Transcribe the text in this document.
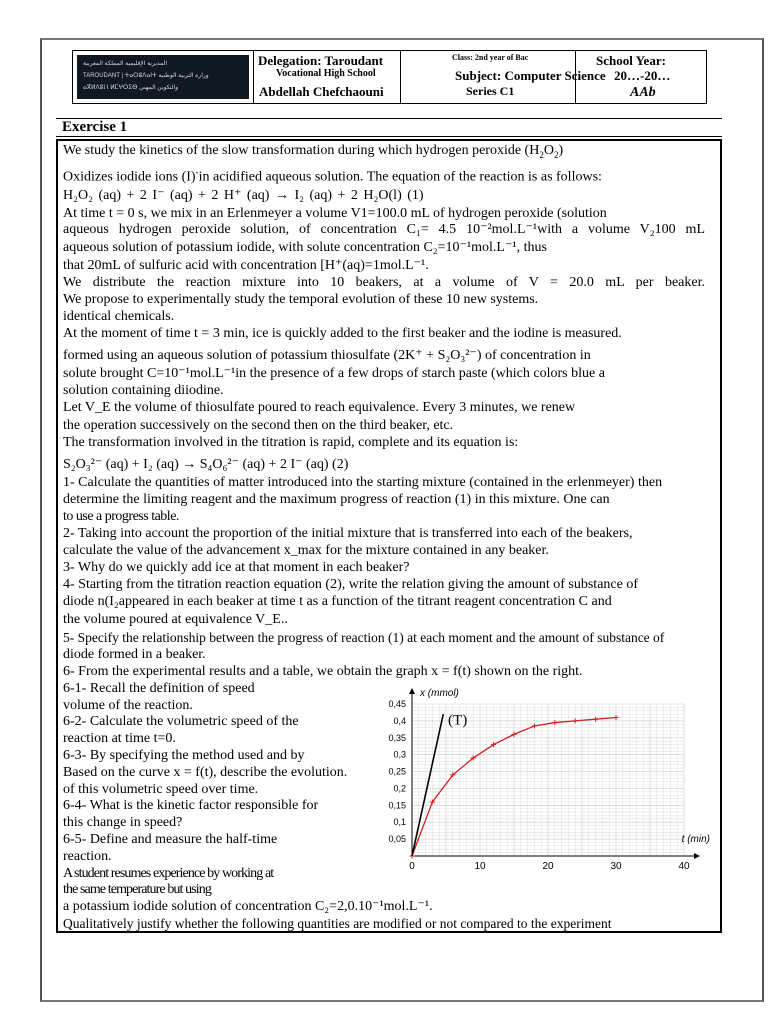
المديرية الإقليمية المملكة المغربية
TAROUDANT | ⵜⴰⵔⵓⴷⴰⵏⵜ وزارة التربية الوطنية
ⴰⴳⵍⴷⵓⵏ ⵏ ⵍⵎⵖⵔⵉⴱ والتكوين المهني
Delegation: Taroudant
Vocational High School
Abdellah Chefchaouni
Class: 2nd year of Bac
Subject: Computer Science
Series C1
School Year:
20…-20…
AAb
Exercise 1
We study the kinetics of the slow transformation during which hydrogen peroxide $(H_2O_2)$
Oxidizes iodide ions (I)-in acidified aqueous solution. The equation of the reaction is as follows:
H₂O₂ (aq) + 2 I⁻ (aq) + 2 H⁺ (aq) → I₂ (aq) + 2 H₂O(l) (1)
At time t = 0 s, we mix in an Erlenmeyer a volume V1=100.0 mL of hydrogen peroxide (solution
aqueous hydrogen peroxide solution, of concentration C₁= 4.5 10⁻²mol.L⁻¹with a volume V₂100 mL
aqueous solution of potassium iodide, with solute concentration C₂=10⁻¹mol.L⁻¹, thus
that 20mL of sulfuric acid with concentration [H⁺(aq)=1mol.L⁻¹.
We distribute the reaction mixture into 10 beakers, at a volume of V = 20.0 mL per beaker.
We propose to experimentally study the temporal evolution of these 10 new systems.
identical chemicals.
At the moment of time t = 3 min, ice is quickly added to the first beaker and the iodine is measured.
formed using an aqueous solution of potassium thiosulfate (2K⁺ + S₂O₃²⁻) of concentration in
solute brought C=10⁻¹mol.L⁻¹in the presence of a few drops of starch paste (which colors blue a
solution containing diiodine.
Let V_E the volume of thiosulfate poured to reach equivalence. Every 3 minutes, we renew
the operation successively on the second then on the third beaker, etc.
The transformation involved in the titration is rapid, complete and its equation is:
S₂O₃²⁻ (aq) + I₂ (aq) → S₄O₆²⁻ (aq) + 2 I⁻ (aq) (2)
1- Calculate the quantities of matter introduced into the starting mixture (contained in the erlenmeyer) then
determine the limiting reagent and the maximum progress of reaction (1) in this mixture. One can
to use a progress table.
2- Taking into account the proportion of the initial mixture that is transferred into each of the beakers,
calculate the value of the advancement x_max for the mixture contained in any beaker.
3- Why do we quickly add ice at that moment in each beaker?
4- Starting from the titration reaction equation (2), write the relation giving the amount of substance of
diode n(I₂appeared in each beaker at time t as a function of the titrant reagent concentration C and
the volume poured at equivalence V_E..
5- Specify the relationship between the progress of reaction (1) at each moment and the amount of substance of
diode formed in a beaker.
6- From the experimental results and a table, we obtain the graph x = f(t) shown on the right.
6-1- Recall the definition of speed
volume of the reaction.
6-2- Calculate the volumetric speed of the
reaction at time t=0.
6-3- By specifying the method used and by
Based on the curve x = f(t), describe the evolution.
of this volumetric speed over time.
6-4- What is the kinetic factor responsible for
this change in speed?
6-5- Define and measure the half-time
reaction.
A student resumes experience by working at
the same temperature but using
a potassium iodide solution of concentration C₂=2,0.10⁻¹mol.L⁻¹.
Qualitatively justify whether the following quantities are modified or not compared to the experiment
0,05
0,1
0,15
0,2
0,25
0,3
0,35
0,4
0,45
0	10	20	30	40
x (mmol)
t (min)
(T)
